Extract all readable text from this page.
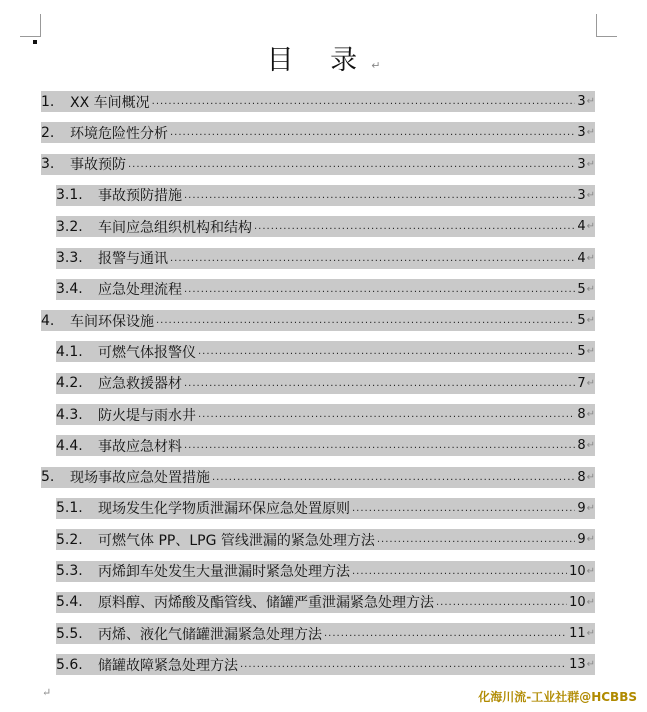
目 录↵
1.	XX 车间概况 .....	3 ↵
2.	环境危险性分析 .....	3 ↵
3.	事故预防 .....	3 ↵
3.1.	事故预防措施 .....	3 ↵
3.2.	车间应急组织机构和结构 .....	4 ↵
3.3.	报警与通讯 .....	4 ↵
3.4.	应急处理流程 .....	5 ↵
4.	车间环保设施 .....	5 ↵
4.1.	可燃气体报警仪 .....	5 ↵
4.2.	应急救援器材 .....	7 ↵
4.3.	防火堤与雨水井 .....	8 ↵
4.4.	事故应急材料 .....	8 ↵
5.	现场事故应急处置措施 .....	8 ↵
5.1.	现场发生化学物质泄漏环保应急处置原则 .....	9 ↵
5.2.	可燃气体 PP、LPG 管线泄漏的紧急处理方法 .....	9 ↵
5.3.	丙烯卸车处发生大量泄漏时紧急处理方法 .....	10 ↵
5.4.	原料醇、丙烯酸及酯管线、储罐严重泄漏紧急处理方法 .....	10 ↵
5.5.	丙烯、液化气储罐泄漏紧急处理方法 .....	11 ↵
5.6.	储罐故障紧急处理方法 .....	13 ↵
↵	化海川流-工业社群@HCBBS
